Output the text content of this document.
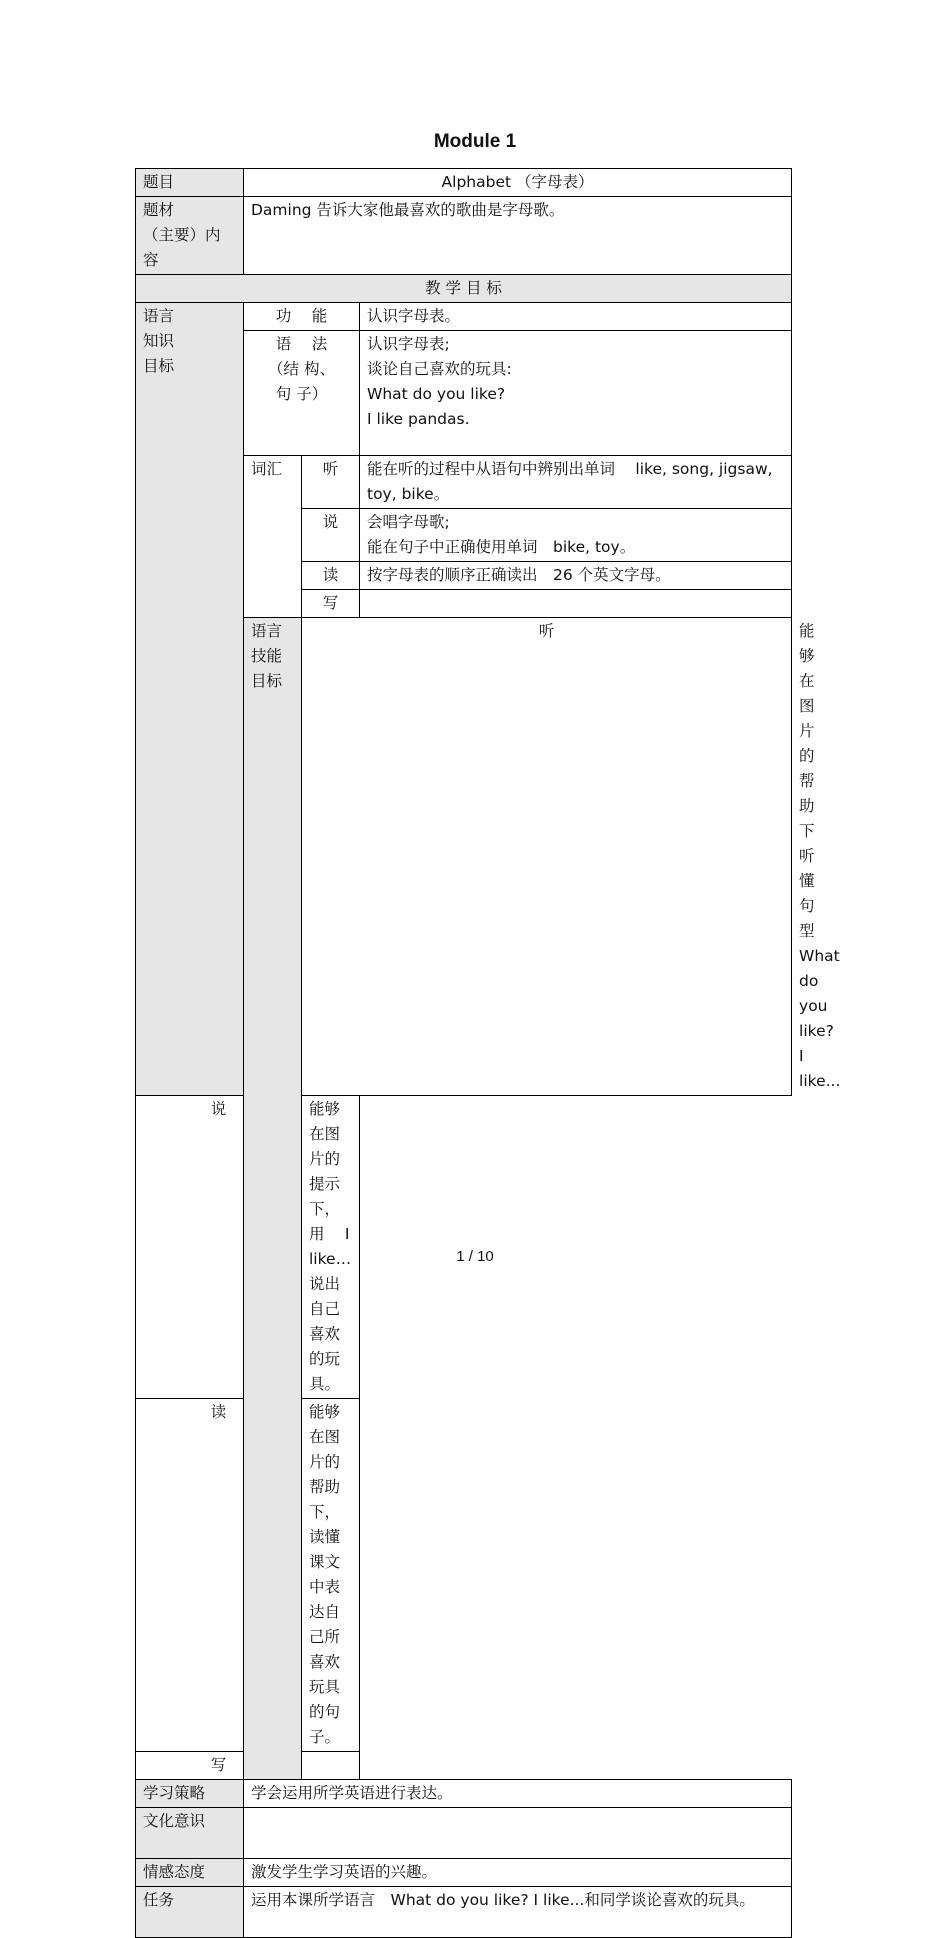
Module 1
题目	Alphabet （字母表）			
题材
（主要）内
容	Daming 告诉大家他最喜欢的歌曲是字母歌。			
教 学 目 标				
语言
知识
目标	功　 能		认识字母表。	
	语　 法
（结 构、
句 子）		认识字母表;
谈论自己喜欢的玩具:
What do you like?
I like pandas.	
	词汇	听	能在听的过程中从语句中辨别出单词　 like, song, jigsaw, toy, bike。	
		说	会唱字母歌;
能在句子中正确使用单词　bike, toy。	
		读	按字母表的顺序正确读出　26 个英文字母。	
		写		
	语言
技能
目标	听		能够在图片的帮助下听懂句型　 What do you like? I like...
说		能够在图片的提示下，用　 I like…说出自己喜欢的玩具。		
读		能够在图片的帮助下， 读懂课文中表达自己所喜欢玩具的句子。		
写				
学习策略	学会运用所学英语进行表达。			
文化意识				
情感态度	激发学生学习英语的兴趣。			
任务	运用本课所学语言　What do you like? I like...和同学谈论喜欢的玩具。			
1 / 10
